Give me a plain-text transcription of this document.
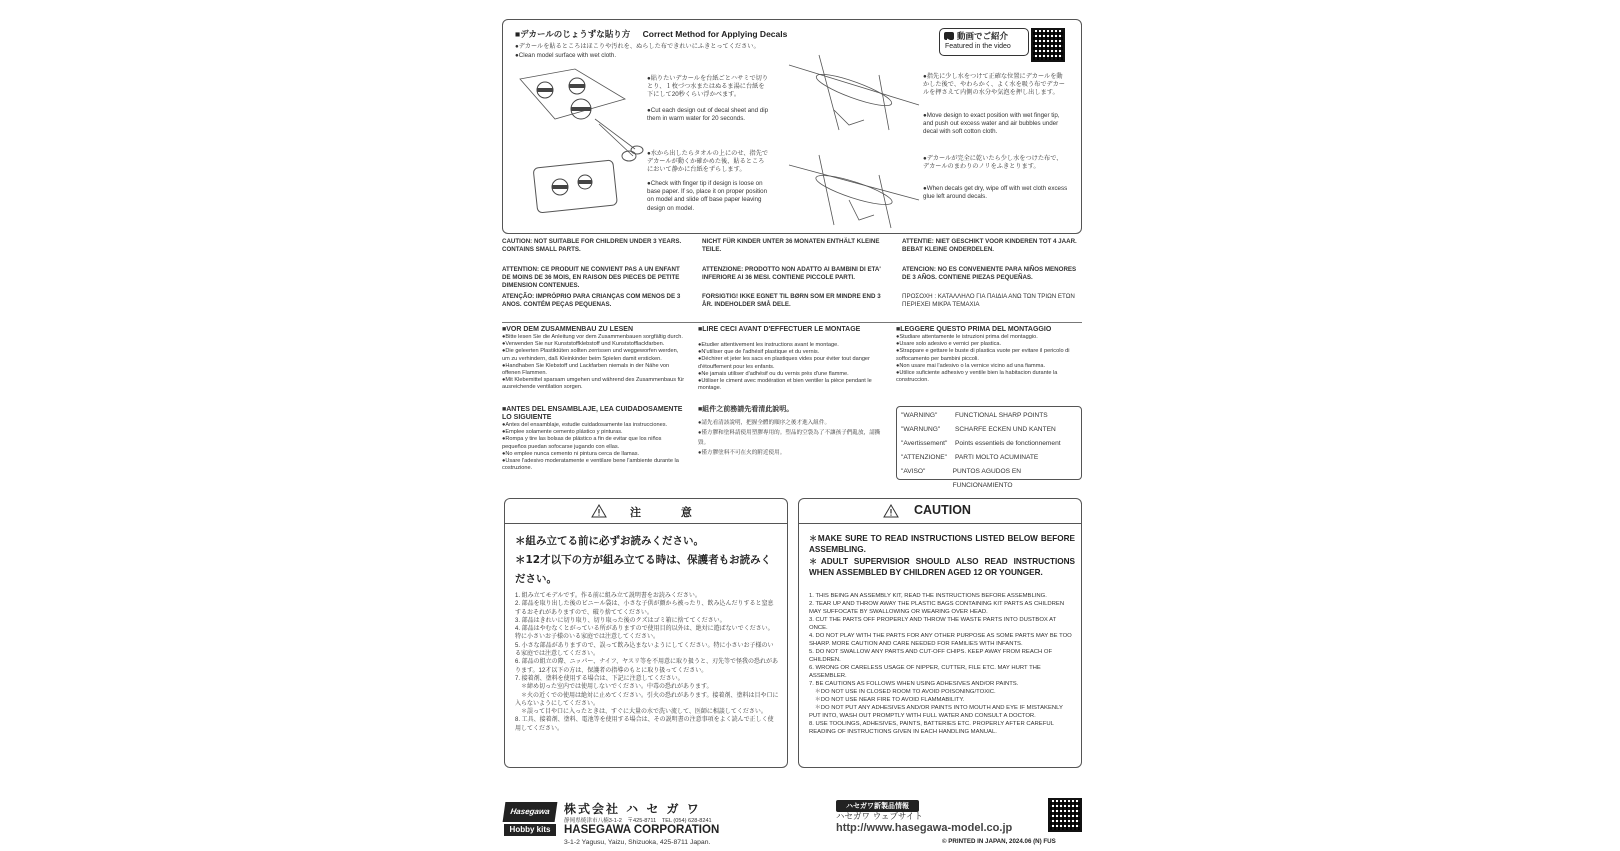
■デカールのじょうずな貼り方 Correct Method for Applying Decals	動画でご紹介
Featured in the video
●デカールを貼るところはほこりや汚れを、ぬらした布できれいにふきとってください。
●Clean model surface with wet cloth.
●貼りたいデカールを台紙ごとハサミで切りとり、１枚づつ水またはぬるま湯に台紙を下にして20秒くらい浮かべます。
●Cut each design out of decal sheet and dip them in warm water for 20 seconds.
●水から出したらタオルの上にのせ、指先でデカールが動くか確かめた後、貼るところにおいて静かに台紙をずらします。
●Check with finger tip if design is loose on base paper. If so, place it on proper position on model and slide off base paper leaving design on model.
●指先に少し水をつけて正確な位置にデカールを動かした後で、やわらかく、よく水を吸う布でデカールを押さえて内側の水分や気泡を押し出します。
●Move design to exact position with wet finger tip, and push out excess water and air bubbles under decal with soft cotton cloth.
●デカールが完全に乾いたら少し水をつけた布で、デカールのまわりのノリをふきとります。
●When decals get dry, wipe off with wet cloth excess glue left around decals.
CAUTION: NOT SUITABLE FOR CHILDREN UNDER 3 YEARS. CONTAINS SMALL PARTS.
NICHT FÜR KINDER UNTER 36 MONATEN ENTHÄLT KLEINE TEILE.
ATTENTIE: NIET GESCHIKT VOOR KINDEREN TOT 4 JAAR. BEBAT KLEINE ONDERDELEN.
ATTENTION: CE PRODUIT NE CONVIENT PAS A UN ENFANT DE MOINS DE 36 MOIS, EN RAISON DES PIECES DE PETITE DIMENSION CONTENUES.
ATTENZIONE: PRODOTTO NON ADATTO AI BAMBINI DI ETA' INFERIORE AI 36 MESI. CONTIENE PICCOLE PARTI.
ATENCION: NO ES CONVENIENTE PARA NIÑOS MENORES DE 3 AÑOS. CONTIENE PIEZAS PEQUEÑAS.
ATENÇÃO: IMPRÓPRIO PARA CRIANÇAS COM MENOS DE 3 ANOS. CONTÉM PEÇAS PEQUENAS.
FORSIGTIG! IKKE EGNET TIL BØRN SOM ER MINDRE END 3 ÅR. INDEHOLDER SMÅ DELE.
ΠΡΟΣΟΧΗ : ΚΑΤΑΛΛΗΛΟ ΓΙΑ ΠΑΙΔΙΑ ΑΝΩ ΤΩΝ ΤΡΙΩΝ ΕΤΩΝ ΠΕΡΙΕΧΕΙ ΜΙΚΡΑ ΤΕΜΑΧΙΑ
■VOR DEM ZUSAMMENBAU ZU LESEN
●Bitte lesen Sie die Anleitung vor dem Zusammenbauen sorgfältig durch.
●Verwenden Sie nur Kunststoffklebstoff und Kunststofflackfarben.
●Die geleerten Plastiktüten sollten zerrissen und weggeworfen werden, um zu verhindern, daß Kleinkinder beim Spielen damit ersticken.
●Handhaben Sie Klebstoff und Lackfarben niemals in der Nähe von offenen Flammen.
●Mit Klebemittel sparsam umgehen und während des Zusammenbaus für ausreichende ventilation sorgen.
■LIRE CECI AVANT D'EFFECTUER LE MONTAGE
●Etudier attentivement les instructions avant le montage.
●N'utiliser que de l'adhésif plastique et du vernis.
●Déchirer et jeter les sacs en plastiques vides pour éviter tout danger d'étouffement pour les enfants.
●Ne jamais utiliser d'adhésif ou du vernis près d'une flamme.
●Utiliser le ciment avec modération et bien ventiler la pièce pendant le montage.
■LEGGERE QUESTO PRIMA DEL MONTAGGIO
●Studiare attentamente le istruzioni prima del montaggio.
●Usare solo adesivo e vernici per plastica.
●Strappare e gettare le buste di plastica vuote per evitare il pericolo di soffocamento per bambini piccoli.
●Non usare mai l'adesivo o la vernice vicino ad una fiamma.
●Utilice suficiente adhesivo y ventile bien la habitacion durante la construccion.
■ANTES DEL ENSAMBLAJE, LEA CUIDADOSAMENTE LO SIGUIENTE
●Antes del ensamblaje, estudie cuidadosamente las instrucciones.
●Emplee solamente cemento plástico y pinturas.
●Rompa y tire las bolsas de plástico a fin de evitar que los niños pequeños puedan sofocarse jugando con ellas.
●No emplee nunca cemento ni pintura cerca de llamas.
●Usare l'adesivo moderatamente e ventilare bene l'ambiente durante la costruzione.
■組件之前務請先看清此說明。
●請先看清該說明，把握全體的順序之後才進入組件。
●僅方膠和塗料請使用塑膠專用的。塑品的空袋為了不讓孩子們亂放，請撕毀。
●僅方膠塗料不可在火的附近使用。
"WARNING"	FUNCTIONAL SHARP POINTS
"WARNUNG"	SCHARFE ECKEN UND KANTEN
"Avertissement"	Points essentiels de fonctionnement
"ATTENZIONE"	PARTI MOLTO ACUMINATE
"AVISO"	PUNTOS AGUDOS EN FUNCIONAMIENTO
注 意
＊組み立てる前に必ずお読みください。
＊12才以下の方が組み立てる時は、保護者もお読みください。
1. 組み立てモデルです。作る前に組み立て説明書をお読みください。
2. 部品を取り出した後のビニール袋は、小さな子供が顔から被ったり、飲み込んだりすると窒息するおそれがありますので、破り捨ててください。
3. 部品はきれいに切り取り、切り取った後のクズはゴミ箱に捨ててください。
4. 部品はやむなくとがっている所がありますので使用目的以外は、絶対に遊ばないでください。特に小さいお子様のいる家庭では注意してください。
5. 小さな部品がありますので、誤って飲み込まないようにしてください。特に小さいお子様のいる家庭では注意してください。
6. 部品の組立の際、ニッパー、ナイフ、ヤスリ等を不用意に取り扱うと、刃先等で怪我の恐れがあります。12才以下の方は、保護者の指導のもとに取り扱ってください。
7. 接着剤、塗料を使用する場合は、下記に注意してください。
　＊締め切った室内では使用しないでください。中毒の恐れがあります。
　＊火の近くでの使用は絶対に止めてください。引火の恐れがあります。接着剤、塗料は目や口に入らないようにしてください。
　＊誤って目や口に入ったときは、すぐに大量の水で洗い流して、医師に相談してください。
8. 工具、接着剤、塗料、電池等を使用する場合は、その説明書の注意事項をよく読んで正しく使用してください。
CAUTION
＊MAKE SURE TO READ INSTRUCTIONS LISTED BELOW BEFORE ASSEMBLING.
＊ADULT SUPERVISIOR SHOULD ALSO READ INSTRUCTIONS WHEN ASSEMBLED BY CHILDREN AGED 12 OR YOUNGER.
1. THIS BEING AN ASSEMBLY KIT, READ THE INSTRUCTIONS BEFORE ASSEMBLING.
2. TEAR UP AND THROW AWAY THE PLASTIC BAGS CONTAINING KIT PARTS AS CHILDREN MAY SUFFOCATE BY SWALLOWING OR WEARING OVER HEAD.
3. CUT THE PARTS OFF PROPERLY AND THROW THE WASTE PARTS INTO DUSTBOX AT ONCE.
4. DO NOT PLAY WITH THE PARTS FOR ANY OTHER PURPOSE AS SOME PARTS MAY BE TOO SHARP. MORE CAUTION AND CARE NEEDED FOR FAMILIES WITH INFANTS.
5. DO NOT SWALLOW ANY PARTS AND CUT-OFF CHIPS. KEEP AWAY FROM REACH OF CHILDREN.
6. WRONG OR CARELESS USAGE OF NIPPER, CUTTER, FILE ETC. MAY HURT THE ASSEMBLER.
7. BE CAUTIONS AS FOLLOWS WHEN USING ADHESIVES AND/OR PAINTS.
　＊DO NOT USE IN CLOSED ROOM TO AVOID POISONING/TOXIC.
　＊DO NOT USE NEAR FIRE TO AVOID FLAMMABILITY.
　＊DO NOT PUT ANY ADHESIVES AND/OR PAINTS INTO MOUTH AND EYE IF MISTAKENLY PUT INTO, WASH OUT PROMPTLY WITH FULL WATER AND CONSULT A DOCTOR.
8. USE TOOLINGS, ADHESIVES, PAINTS, BATTERIES ETC. PROPERLY AFTER CAREFUL READING OF INSTRUCTIONS GIVEN IN EACH HANDLING MANUAL.
Hasegawa
Hobby kits
株式会社 ハ セ ガ ワ
静岡県焼津市八楠3-1-2　〒425-8711　TEL (054) 628-8241
HASEGAWA CORPORATION
3-1-2 Yagusu, Yaizu, Shizuoka, 425-8711 Japan.
ハセガワ新製品情報
ハセガワ ウェブサイト
http://www.hasegawa-model.co.jp
© PRINTED IN JAPAN, 2024.06 (N) FUS
